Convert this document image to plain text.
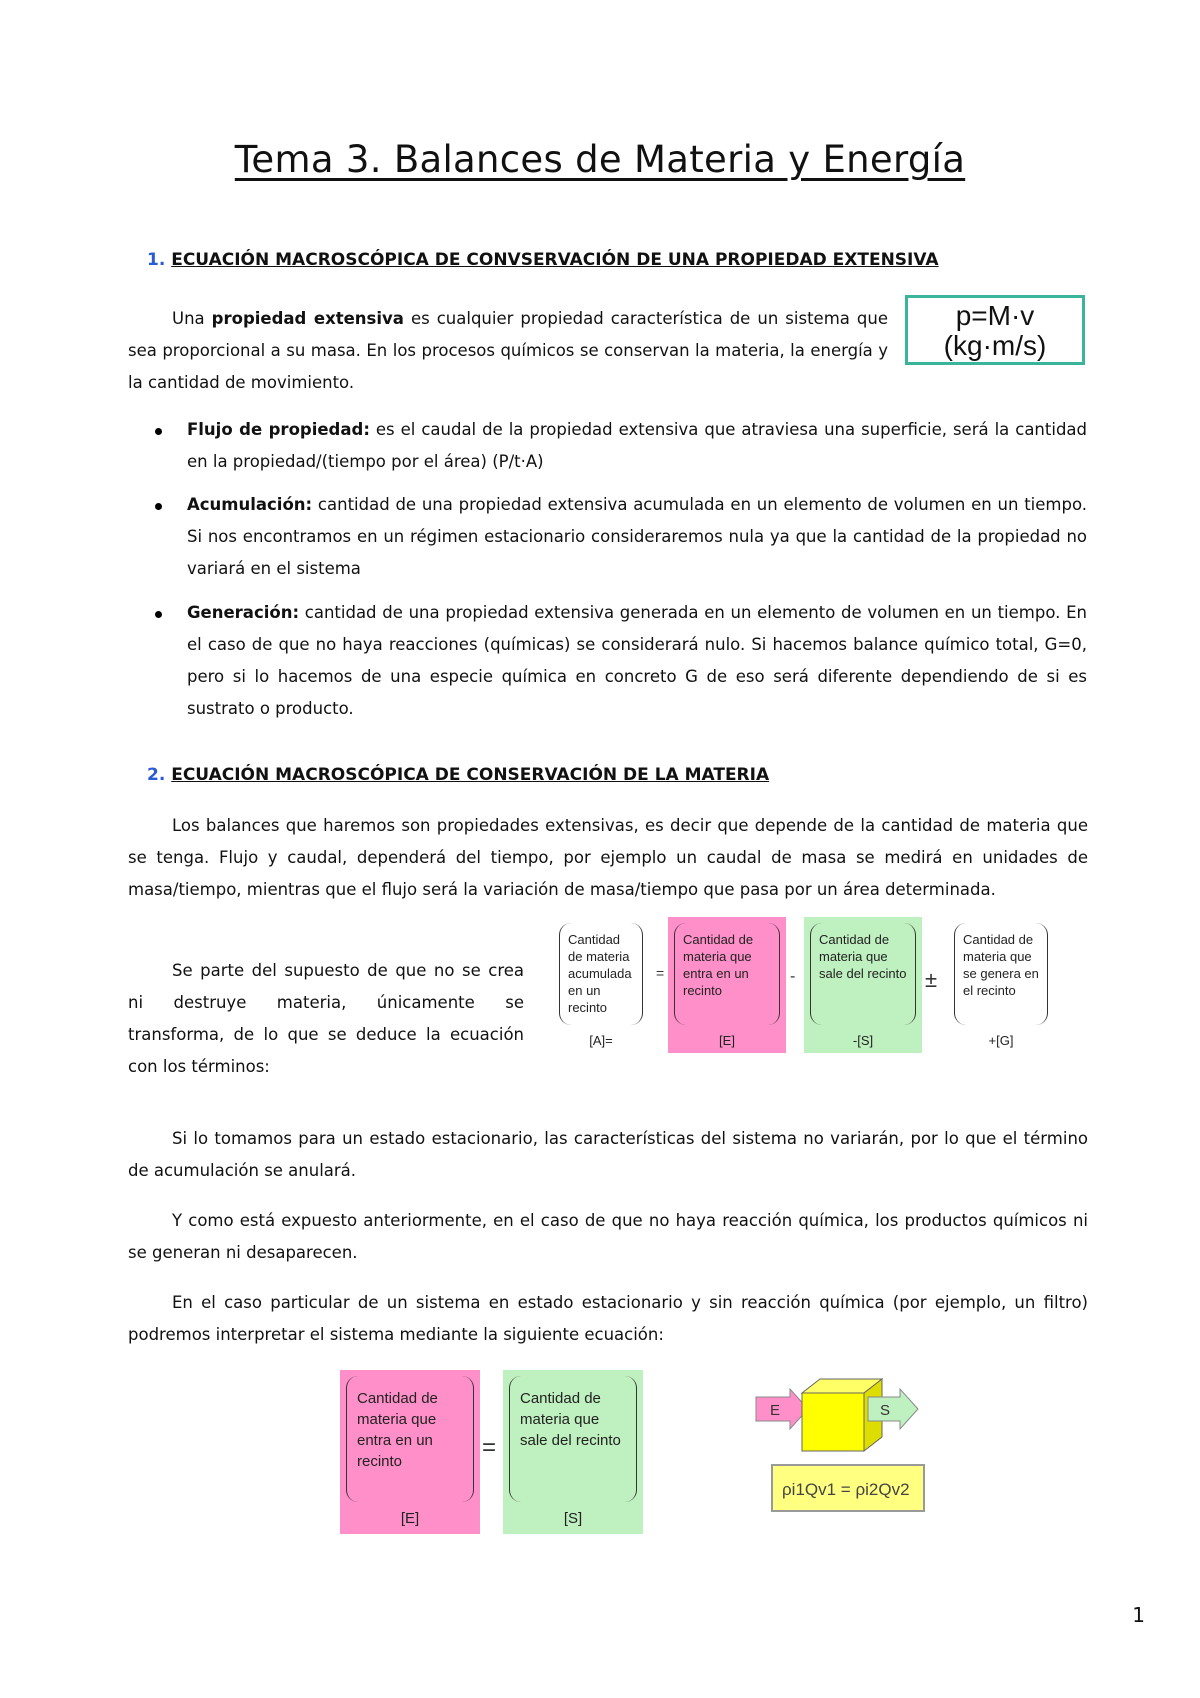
Tema 3. Balances de Materia y Energía
1. ECUACIÓN MACROSCÓPICA DE CONVSERVACIÓN DE UNA PROPIEDAD EXTENSIVA
Una propiedad extensiva es cualquier propiedad característica de un sistema que sea proporcional a su masa. En los procesos químicos se conservan la materia, la energía y la cantidad de movimiento.
p=M·v
(kg·m/s)
Flujo de propiedad: es el caudal de la propiedad extensiva que atraviesa una superficie, será la cantidad en la propiedad/(tiempo por el área) (P/t·A)
Acumulación: cantidad de una propiedad extensiva acumulada en un elemento de volumen en un tiempo. Si nos encontramos en un régimen estacionario consideraremos nula ya que la cantidad de la propiedad no variará en el sistema
Generación: cantidad de una propiedad extensiva generada en un elemento de volumen en un tiempo. En el caso de que no haya reacciones (químicas) se considerará nulo. Si hacemos balance químico total, G=0, pero si lo hacemos de una especie química en concreto G de eso será diferente dependiendo de si es sustrato o producto.
2. ECUACIÓN MACROSCÓPICA DE CONSERVACIÓN DE LA MATERIA
Los balances que haremos son propiedades extensivas, es decir que depende de la cantidad de materia que se tenga. Flujo y caudal, dependerá del tiempo, por ejemplo un caudal de masa se medirá en unidades de masa/tiempo, mientras que el flujo será la variación de masa/tiempo que pasa por un área determinada.
Se parte del supuesto de que no se crea ni destruye materia, únicamente se transforma, de lo que se deduce la ecuación con los términos:
Cantidad de materia acumulada en un recinto
[A]=
=
Cantidad de materia que entra en un recinto
[E]
-
Cantidad de materia que sale del recinto
-[S]
±
Cantidad de materia que se genera en el recinto
+[G]
Si lo tomamos para un estado estacionario, las características del sistema no variarán, por lo que el término de acumulación se anulará.
Y como está expuesto anteriormente, en el caso de que no haya reacción química, los productos químicos ni se generan ni desaparecen.
En el caso particular de un sistema en estado estacionario y sin reacción química (por ejemplo, un filtro) podremos interpretar el sistema mediante la siguiente ecuación:
Cantidad de materia que entra en un recinto
[E]
=
Cantidad de materia que sale del recinto
[S]
E	S
ρi1Qv1 = ρi2Qv2
1
